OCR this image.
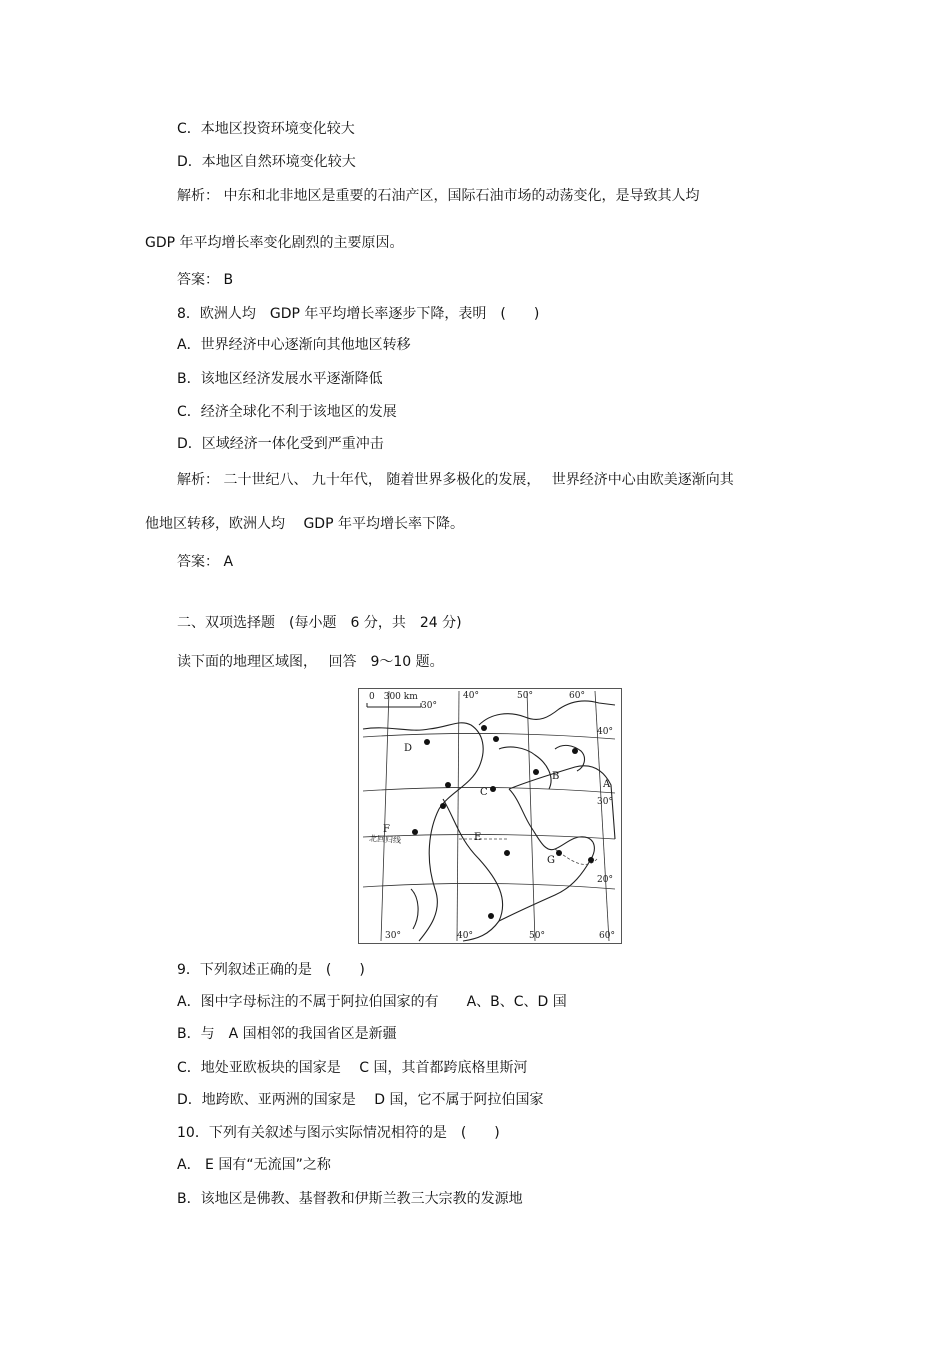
C．本地区投资环境变化较大
D．本地区自然环境变化较大
解析： 中东和北非地区是重要的石油产区，国际石油市场的动荡变化，是导致其人均
GDP 年平均增长率变化剧烈的主要原因。
答案： B
8．欧洲人均　GDP 年平均增长率逐步下降，表明　(　　)
A．世界经济中心逐渐向其他地区转移
B．该地区经济发展水平逐渐降低
C．经济全球化不利于该地区的发展
D．区域经济一体化受到严重冲击
解析： 二十世纪八、 九十年代， 随着世界多极化的发展，　 世界经济中心由欧美逐渐向其
他地区转移，欧洲人均　 GDP 年平均增长率下降。
答案： A
二、双项选择题　(每小题　6 分，共　24 分)
读下面的地理区域图，　 回答　9～10 题。
0　300 km
30°
40°	50°	60°
30°	40°	50°	60°
40°
30°
20°
D
B
A
C
F
E
G
北回归线
9．下列叙述正确的是　(　　)
A．图中字母标注的不属于阿拉伯国家的有　　A、B、C、D 国
B．与　A 国相邻的我国省区是新疆
C．地处亚欧板块的国家是　 C 国，其首都跨底格里斯河
D．地跨欧、亚两洲的国家是　 D 国，它不属于阿拉伯国家
10．下列有关叙述与图示实际情况相符的是　(　　)
A． E 国有“无流国”之称
B．该地区是佛教、基督教和伊斯兰教三大宗教的发源地
